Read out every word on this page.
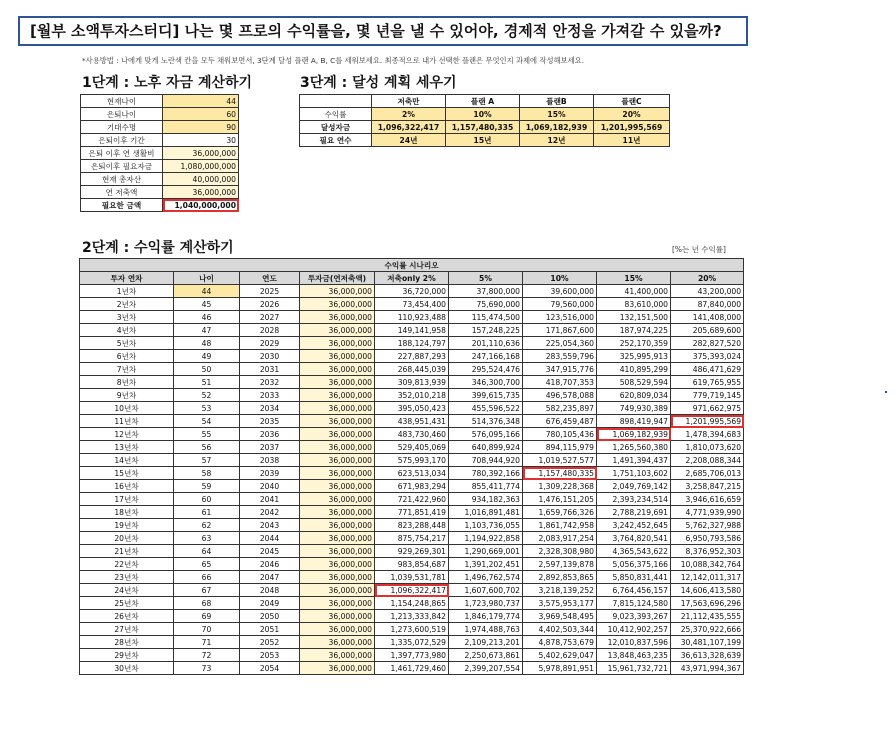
[월부 소액투자스터디] 나는 몇 프로의 수익률을, 몇 년을 낼 수 있어야, 경제적 안정을 가져갈 수 있을까?
*사용방법 : 나에게 맞게 노란색 칸을 모두 채워보면서, 3단계 달성 플랜 A, B, C를 세워보세요. 최종적으로 내가 선택한 플랜은 무엇인지 과제에 작성해보세요.
1단계 : 노후 자금 계산하기	3단계 : 달성 계획 세우기
현재나이	44
은퇴나이	60
기대수명	90
은퇴이후 기간	30
은퇴 이후 연 생활비	36,000,000
은퇴이후 필요자금	1,080,000,000
현재 총자산	40,000,000
연 저축액	36,000,000
필요한 금액	1,040,000,000
	저축만	플랜 A	플랜B	플랜C
수익률	2%	10%	15%	20%
달성자금	1,096,322,417	1,157,480,335	1,069,182,939	1,201,995,569
필요 연수	24년	15년	12년	11년
2단계 : 수익률 계산하기	[%는 년 수익률]
수익률 시나리오								
투자 연차	나이	연도	투자금(연저축액)	저축only 2%	5%	10%	15%	20%
1년차	44	2025	36,000,000	36,720,000	37,800,000	39,600,000	41,400,000	43,200,000
2년차	45	2026	36,000,000	73,454,400	75,690,000	79,560,000	83,610,000	87,840,000
3년차	46	2027	36,000,000	110,923,488	115,474,500	123,516,000	132,151,500	141,408,000
4년차	47	2028	36,000,000	149,141,958	157,248,225	171,867,600	187,974,225	205,689,600
5년차	48	2029	36,000,000	188,124,797	201,110,636	225,054,360	252,170,359	282,827,520
6년차	49	2030	36,000,000	227,887,293	247,166,168	283,559,796	325,995,913	375,393,024
7년차	50	2031	36,000,000	268,445,039	295,524,476	347,915,776	410,895,299	486,471,629
8년차	51	2032	36,000,000	309,813,939	346,300,700	418,707,353	508,529,594	619,765,955
9년차	52	2033	36,000,000	352,010,218	399,615,735	496,578,088	620,809,034	779,719,145
10년차	53	2034	36,000,000	395,050,423	455,596,522	582,235,897	749,930,389	971,662,975
11년차	54	2035	36,000,000	438,951,431	514,376,348	676,459,487	898,419,947	1,201,995,569
12년차	55	2036	36,000,000	483,730,460	576,095,166	780,105,436	1,069,182,939	1,478,394,683
13년차	56	2037	36,000,000	529,405,069	640,899,924	894,115,979	1,265,560,380	1,810,073,620
14년차	57	2038	36,000,000	575,993,170	708,944,920	1,019,527,577	1,491,394,437	2,208,088,344
15년차	58	2039	36,000,000	623,513,034	780,392,166	1,157,480,335	1,751,103,602	2,685,706,013
16년차	59	2040	36,000,000	671,983,294	855,411,774	1,309,228,368	2,049,769,142	3,258,847,215
17년차	60	2041	36,000,000	721,422,960	934,182,363	1,476,151,205	2,393,234,514	3,946,616,659
18년차	61	2042	36,000,000	771,851,419	1,016,891,481	1,659,766,326	2,788,219,691	4,771,939,990
19년차	62	2043	36,000,000	823,288,448	1,103,736,055	1,861,742,958	3,242,452,645	5,762,327,988
20년차	63	2044	36,000,000	875,754,217	1,194,922,858	2,083,917,254	3,764,820,541	6,950,793,586
21년차	64	2045	36,000,000	929,269,301	1,290,669,001	2,328,308,980	4,365,543,622	8,376,952,303
22년차	65	2046	36,000,000	983,854,687	1,391,202,451	2,597,139,878	5,056,375,166	10,088,342,764
23년차	66	2047	36,000,000	1,039,531,781	1,496,762,574	2,892,853,865	5,850,831,441	12,142,011,317
24년차	67	2048	36,000,000	1,096,322,417	1,607,600,702	3,218,139,252	6,764,456,157	14,606,413,580
25년차	68	2049	36,000,000	1,154,248,865	1,723,980,737	3,575,953,177	7,815,124,580	17,563,696,296
26년차	69	2050	36,000,000	1,213,333,842	1,846,179,774	3,969,548,495	9,023,393,267	21,112,435,555
27년차	70	2051	36,000,000	1,273,600,519	1,974,488,763	4,402,503,344	10,412,902,257	25,370,922,666
28년차	71	2052	36,000,000	1,335,072,529	2,109,213,201	4,878,753,679	12,010,837,596	30,481,107,199
29년차	72	2053	36,000,000	1,397,773,980	2,250,673,861	5,402,629,047	13,848,463,235	36,613,328,639
30년차	73	2054	36,000,000	1,461,729,460	2,399,207,554	5,978,891,951	15,961,732,721	43,971,994,367
